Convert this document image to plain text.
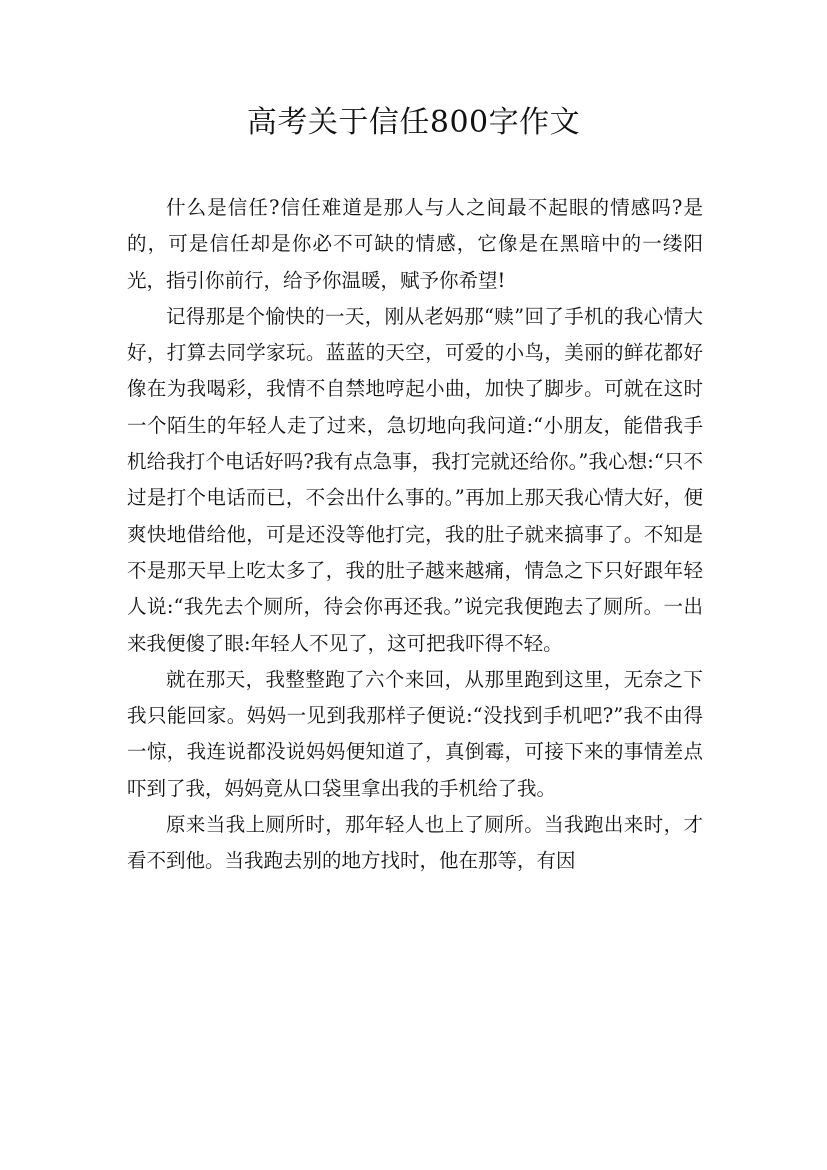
高考关于信任800字作文

什么是信任?信任难道是那人与人之间最不起眼的情感吗?是的，可是信任却是你必不可缺的情感，它像是在黑暗中的一缕阳光，指引你前行，给予你温暖，赋予你希望!

记得那是个愉快的一天，刚从老妈那“赎”回了手机的我心情大好，打算去同学家玩。蓝蓝的天空，可爱的小鸟，美丽的鲜花都好像在为我喝彩，我情不自禁地哼起小曲，加快了脚步。可就在这时一个陌生的年轻人走了过来，急切地向我问道:“小朋友，能借我手机给我打个电话好吗?我有点急事，我打完就还给你。”我心想:“只不过是打个电话而已，不会出什么事的。”再加上那天我心情大好，便爽快地借给他，可是还没等他打完，我的肚子就来搞事了。不知是不是那天早上吃太多了，我的肚子越来越痛，情急之下只好跟年轻人说:“我先去个厕所，待会你再还我。”说完我便跑去了厕所。一出来我便傻了眼:年轻人不见了，这可把我吓得不轻。

就在那天，我整整跑了六个来回，从那里跑到这里，无奈之下我只能回家。妈妈一见到我那样子便说:“没找到手机吧?”我不由得一惊，我连说都没说妈妈便知道了，真倒霉，可接下来的事情差点吓到了我，妈妈竟从口袋里拿出我的手机给了我。

原来当我上厕所时，那年轻人也上了厕所。当我跑出来时，才看不到他。当我跑去别的地方找时，他在那等，有因
